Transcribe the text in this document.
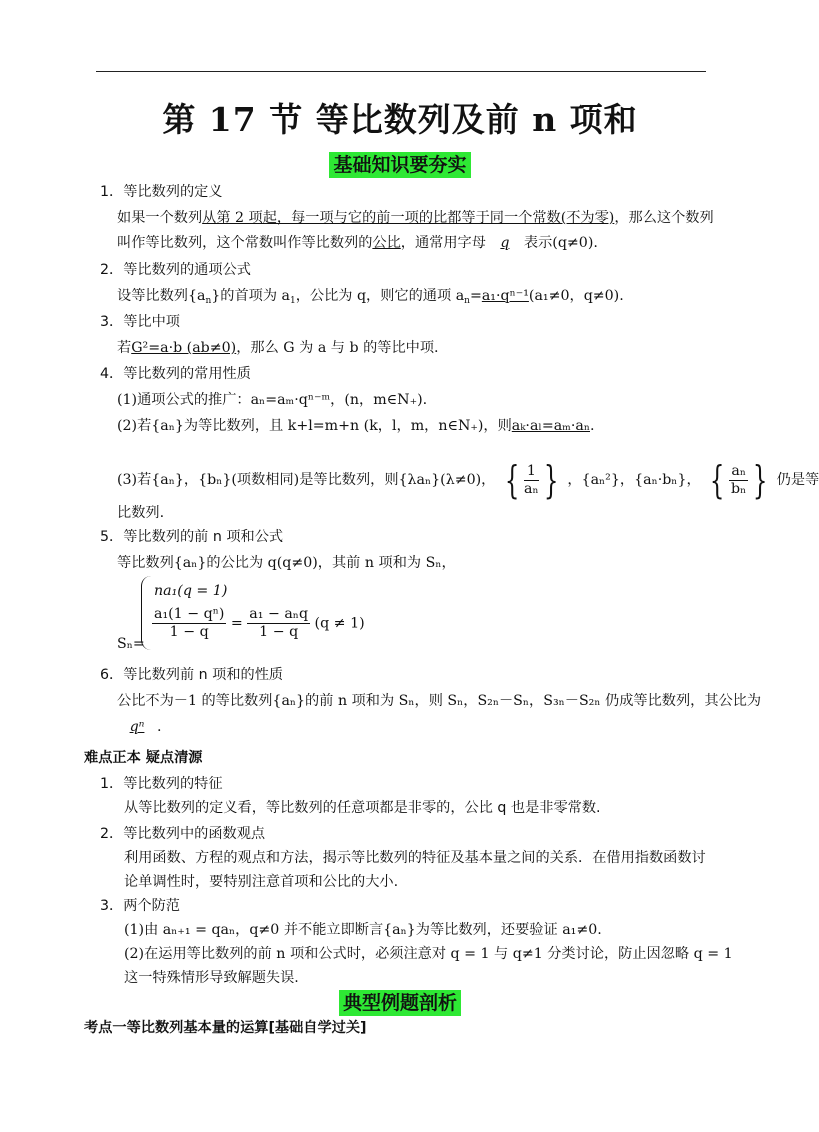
第 17 节 等比数列及前 n 项和
基础知识要夯实
1．等比数列的定义
如果一个数列从第 2 项起，每一项与它的前一项的比都等于同一个常数(不为零)，那么这个数列
叫作等比数列，这个常数叫作等比数列的公比，通常用字母 q 表示(q≠0).
2．等比数列的通项公式
设等比数列$\{a_n\}$的首项为 $a_1$，公比为 q，则它的通项 $a_n=a_1\cdot q^{n-1}(a_1\ne 0$，q≠0).
3．等比中项
若G²=a·b (ab≠0)，那么 G 为 a 与 b 的等比中项.
4．等比数列的常用性质
(1)通项公式的推广：aₙ=aₘ·qⁿ⁻ᵐ，(n，m∈N₊).
(2)若{aₙ}为等比数列，且 k+l=m+n (k，l，m，n∈N₊)，则aₖ·aₗ=aₘ·aₙ.
(3)若{aₙ}，{bₙ}(项数相同)是等比数列，则{λaₙ}(λ≠0)， { $\frac{1}{\text{aₙ}}$ } ，{aₙ²}，{aₙ·bₙ}， { $\frac{\text{aₙ}}{\text{bₙ}}$ } 仍是等
比数列.
5．等比数列的前 n 项和公式
等比数列{aₙ}的公比为 q(q≠0)，其前 n 项和为 Sₙ，
Sₙ=
na₁(q = 1)
$\frac{\text{a₁(1 − qⁿ)}}{1 - q} = \frac{\text{a₁ − aₙq}}{1 - q} (q \ne 1)$
6．等比数列前 n 项和的性质
公比不为－1 的等比数列{aₙ}的前 n 项和为 Sₙ，则 Sₙ，S₂ₙ－Sₙ，S₃ₙ－S₂ₙ 仍成等比数列，其公比为
qⁿ .
难点正本 疑点清源
1．等比数列的特征
从等比数列的定义看，等比数列的任意项都是非零的，公比 q 也是非零常数.
2．等比数列中的函数观点
利用函数、方程的观点和方法，揭示等比数列的特征及基本量之间的关系．在借用指数函数讨
论单调性时，要特别注意首项和公比的大小.
3．两个防范
(1)由 aₙ₊₁ = qaₙ，q≠0 并不能立即断言{aₙ}为等比数列，还要验证 a₁≠0.
(2)在运用等比数列的前 n 项和公式时，必须注意对 q = 1 与 q≠1 分类讨论，防止因忽略 q = 1
这一特殊情形导致解题失误.
典型例题剖析
考点一等比数列基本量的运算[基础自学过关]
